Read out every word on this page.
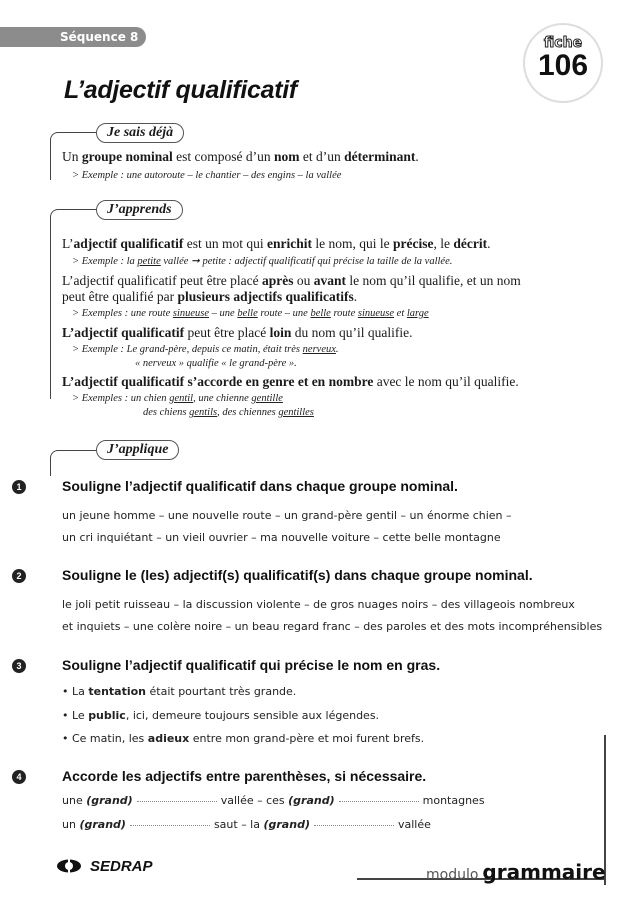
Séquence 8	fiche
106
L’adjectif qualificatif
Je sais déjà
Un groupe nominal est composé d’un nom et d’un déterminant.
> Exemple : une autoroute – le chantier – des engins – la vallée
J’apprends
L’adjectif qualificatif est un mot qui enrichit le nom, qui le précise, le décrit.
> Exemple : la petite vallée ➞ petite : adjectif qualificatif qui précise la taille de la vallée.
L’adjectif qualificatif peut être placé après ou avant le nom qu’il qualifie, et un nom
peut être qualifié par plusieurs adjectifs qualificatifs.
> Exemples : une route sinueuse – une belle route – une belle route sinueuse et large
L’adjectif qualificatif peut être placé loin du nom qu’il qualifie.
> Exemple : Le grand-père, depuis ce matin, était très nerveux.
« nerveux » qualifie « le grand-père ».
L’adjectif qualificatif s’accorde en genre et en nombre avec le nom qu’il qualifie.
> Exemples : un chien gentil, une chienne gentille
des chiens gentils, des chiennes gentilles
J’applique
1	Souligne l’adjectif qualificatif dans chaque groupe nominal.
un jeune homme – une nouvelle route – un grand-père gentil – un énorme chien –
un cri inquiétant – un vieil ouvrier – ma nouvelle voiture – cette belle montagne
2	Souligne le (les) adjectif(s) qualificatif(s) dans chaque groupe nominal.
le joli petit ruisseau – la discussion violente – de gros nuages noirs – des villageois nombreux
et inquiets – une colère noire – un beau regard franc – des paroles et des mots incompréhensibles
3	Souligne l’adjectif qualificatif qui précise le nom en gras.
• La tentation était pourtant très grande.
• Le public, ici, demeure toujours sensible aux légendes.
• Ce matin, les adieux entre mon grand-père et moi furent brefs.
4	Accorde les adjectifs entre parenthèses, si nécessaire.
une (grand)	vallée – ces (grand)	montagnes
un (grand)	saut – la (grand)	vallée
SEDRAP	modulo grammaire
